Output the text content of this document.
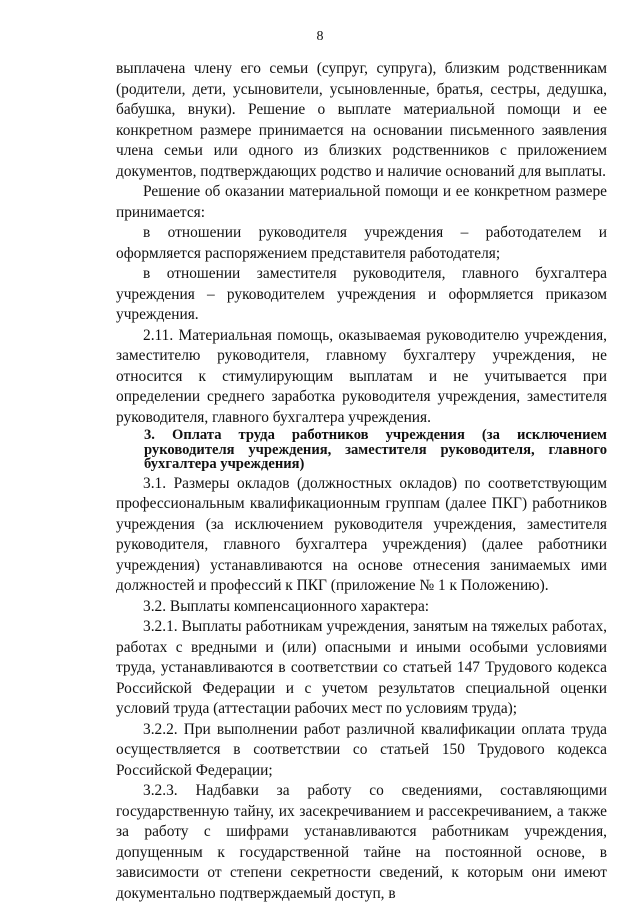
8

выплачена члену его семьи (супруг, супруга), близким родственникам (родители, дети, усыновители, усыновленные, братья, сестры, дедушка, бабушка, внуки). Решение о выплате материальной помощи и ее конкретном размере принимается на основании письменного заявления члена семьи или одного из близких родственников с приложением документов, подтверждающих родство и наличие оснований для выплаты.

Решение об оказании материальной помощи и ее конкретном размере принимается:

в отношении руководителя учреждения – работодателем и оформляется распоряжением представителя работодателя;

в отношении заместителя руководителя, главного бухгалтера учреждения – руководителем учреждения и оформляется приказом учреждения.

2.11. Материальная помощь, оказываемая руководителю учреждения, заместителю руководителя, главному бухгалтеру учреждения, не относится к стимулирующим выплатам и не учитывается при определении среднего заработка руководителя учреждения, заместителя руководителя, главного бухгалтера учреждения.

3. Оплата труда работников учреждения (за исключением руководителя учреждения, заместителя руководителя, главного бухгалтера учреждения)

3.1. Размеры окладов (должностных окладов) по соответствующим профессиональным квалификационным группам (далее ПКГ) работников учреждения (за исключением руководителя учреждения, заместителя руководителя, главного бухгалтера учреждения) (далее работники учреждения) устанавливаются на основе отнесения занимаемых ими должностей и профессий к ПКГ (приложение № 1 к Положению).

3.2. Выплаты компенсационного характера:

3.2.1. Выплаты работникам учреждения, занятым на тяжелых работах, работах с вредными и (или) опасными и иными особыми условиями труда, устанавливаются в соответствии со статьей 147 Трудового кодекса Российской Федерации и с учетом результатов специальной оценки условий труда (аттестации рабочих мест по условиям труда);

3.2.2. При выполнении работ различной квалификации оплата труда осуществляется в соответствии со статьей 150 Трудового кодекса Российской Федерации;

3.2.3. Надбавки за работу со сведениями, составляющими государственную тайну, их засекречиванием и рассекречиванием, а также за работу с шифрами устанавливаются работникам учреждения, допущенным к государственной тайне на постоянной основе, в зависимости от степени секретности сведений, к которым они имеют документально подтверждаемый доступ, в
